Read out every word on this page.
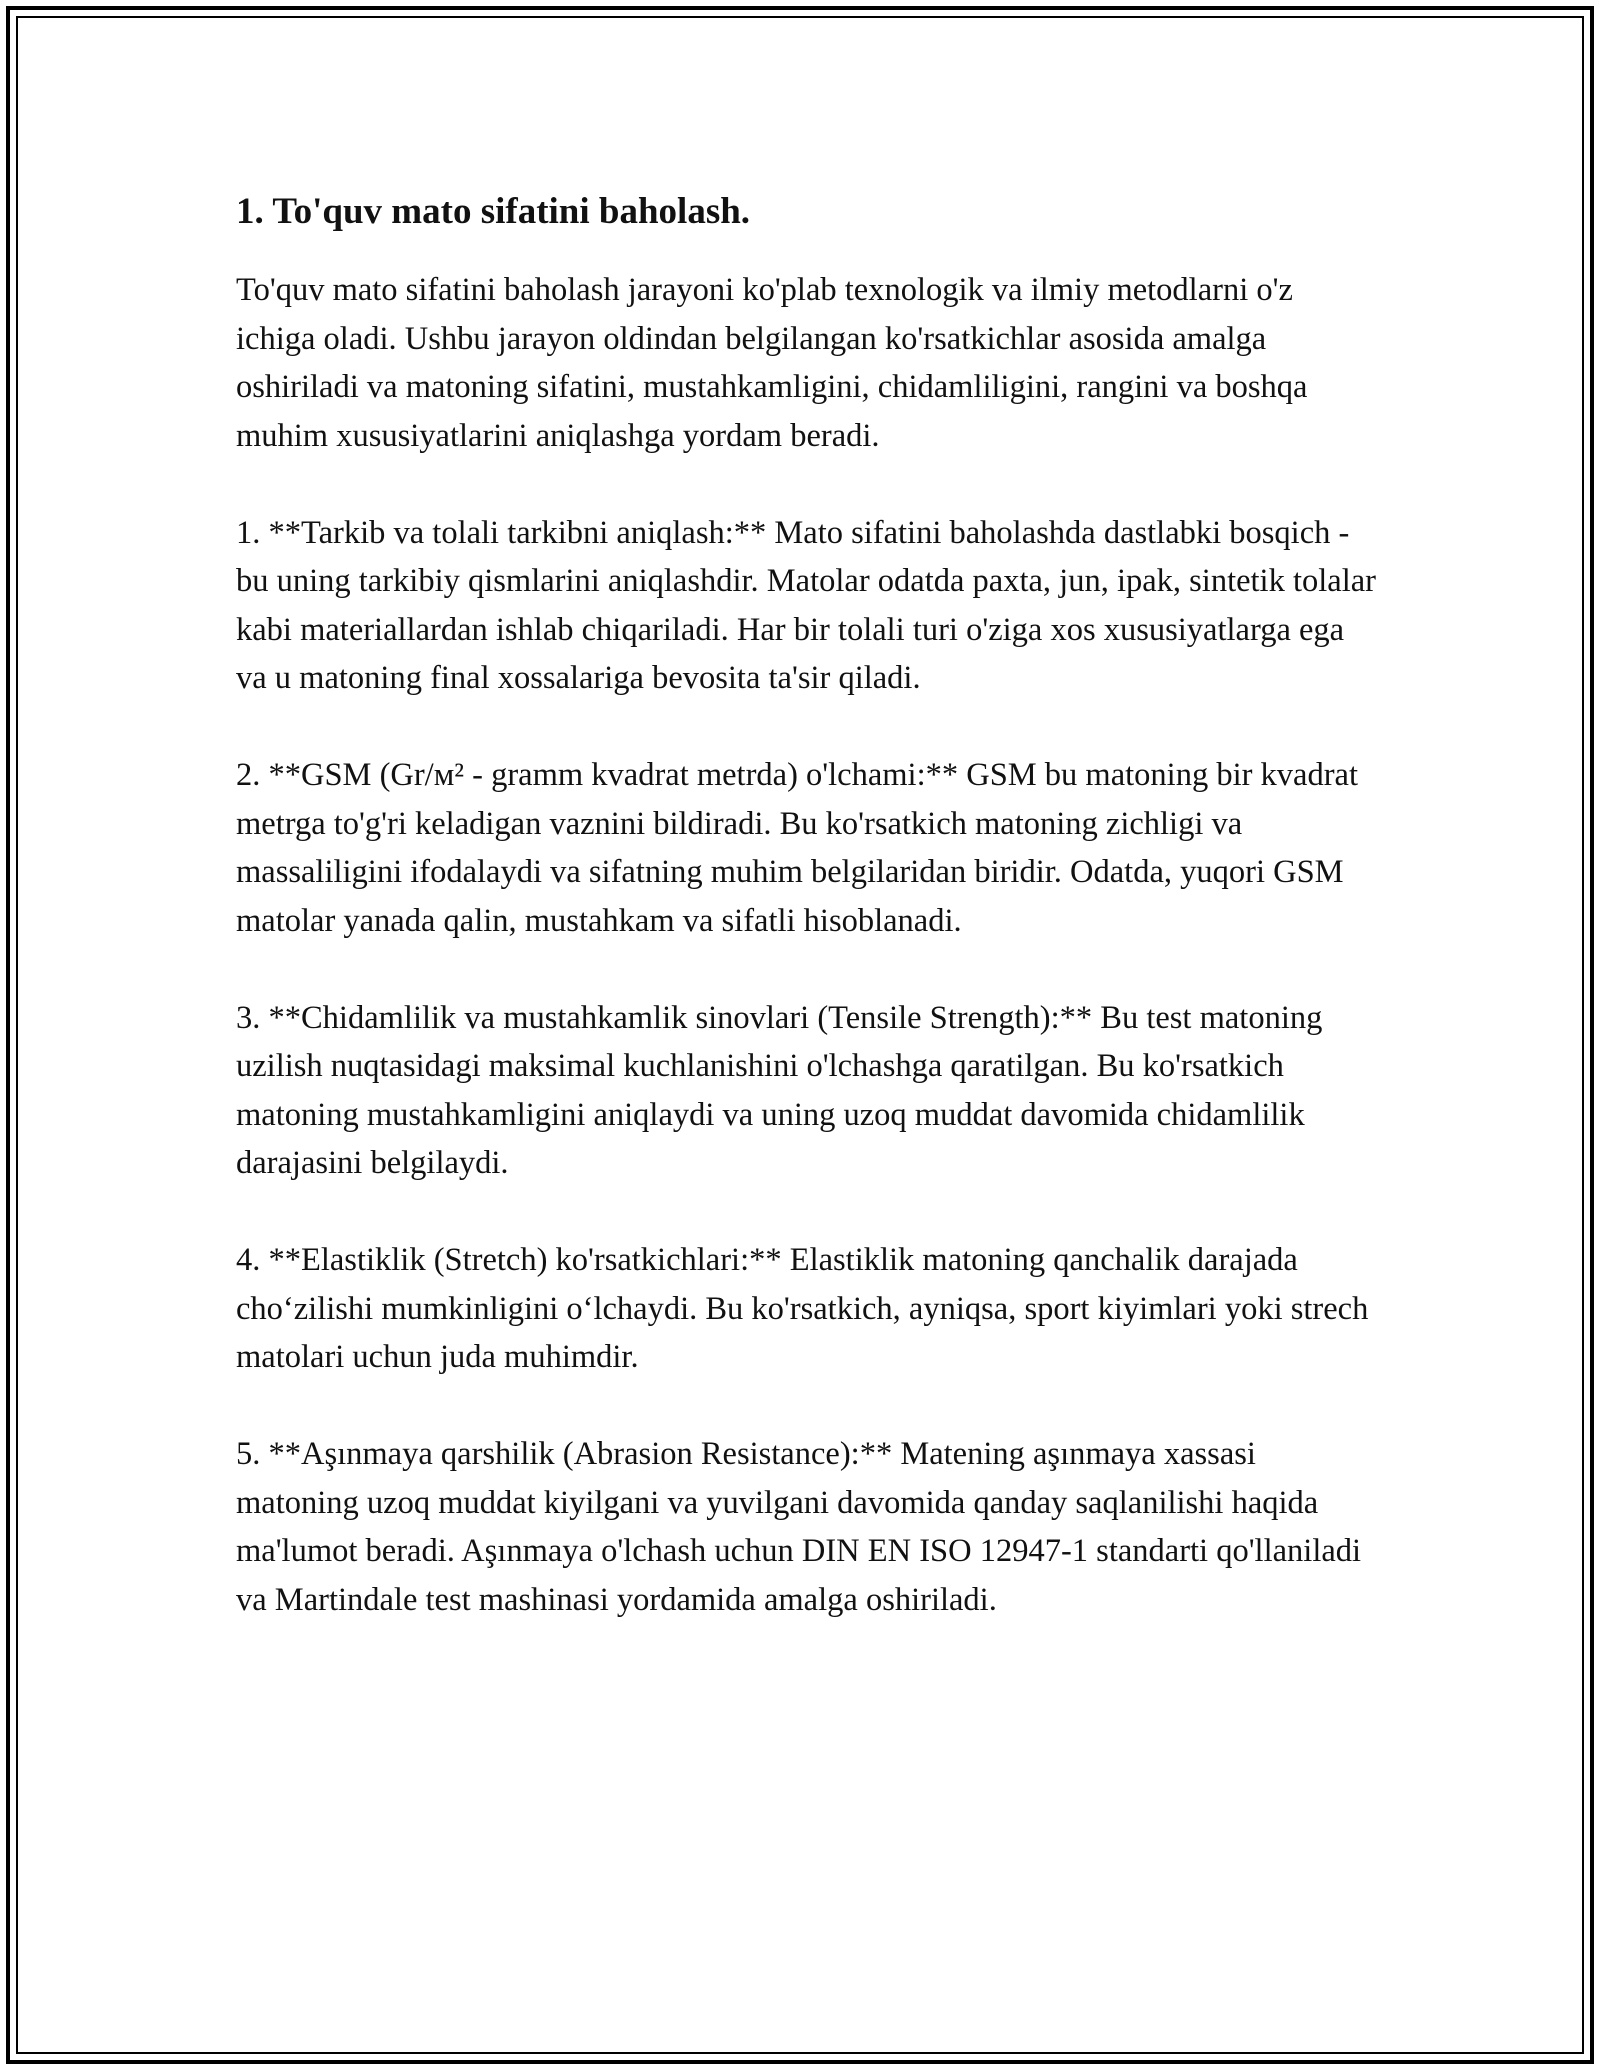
1. To'quv mato sifatini baholash.

To'quv mato sifatini baholash jarayoni ko'plab texnologik va ilmiy metodlarni o'z ichiga oladi. Ushbu jarayon oldindan belgilangan ko'rsatkichlar asosida amalga oshiriladi va matoning sifatini, mustahkamligini, chidamliligini, rangini va boshqa muhim xususiyatlarini aniqlashga yordam beradi.

1. **Tarkib va tolali tarkibni aniqlash:** Mato sifatini baholashda dastlabki bosqich - bu uning tarkibiy qismlarini aniqlashdir. Matolar odatda paxta, jun, ipak, sintetik tolalar kabi materiallardan ishlab chiqariladi. Har bir tolali turi o'ziga xos xususiyatlarga ega va u matoning final xossalariga bevosita ta'sir qiladi.

2. **GSM (Gr/м² - gramm kvadrat metrda) o'lchami:** GSM bu matoning bir kvadrat metrga to'g'ri keladigan vaznini bildiradi. Bu ko'rsatkich matoning zichligi va massaliligini ifodalaydi va sifatning muhim belgilaridan biridir. Odatda, yuqori GSM matolar yanada qalin, mustahkam va sifatli hisoblanadi.

3. **Chidamlilik va mustahkamlik sinovlari (Tensile Strength):** Bu test matoning uzilish nuqtasidagi maksimal kuchlanishini o'lchashga qaratilgan. Bu ko'rsatkich matoning mustahkamligini aniqlaydi va uning uzoq muddat davomida chidamlilik darajasini belgilaydi.

4. **Elastiklik (Stretch) ko'rsatkichlari:** Elastiklik matoning qanchalik darajada cho‘zilishi mumkinligini o‘lchaydi. Bu ko'rsatkich, ayniqsa, sport kiyimlari yoki strech matolari uchun juda muhimdir.

5. **Aşınmaya qarshilik (Abrasion Resistance):** Matening aşınmaya xassasi matoning uzoq muddat kiyilgani va yuvilgani davomida qanday saqlanilishi haqida ma'lumot beradi. Aşınmaya o'lchash uchun DIN EN ISO 12947-1 standarti qo'llaniladi va Martindale test mashinasi yordamida amalga oshiriladi.
